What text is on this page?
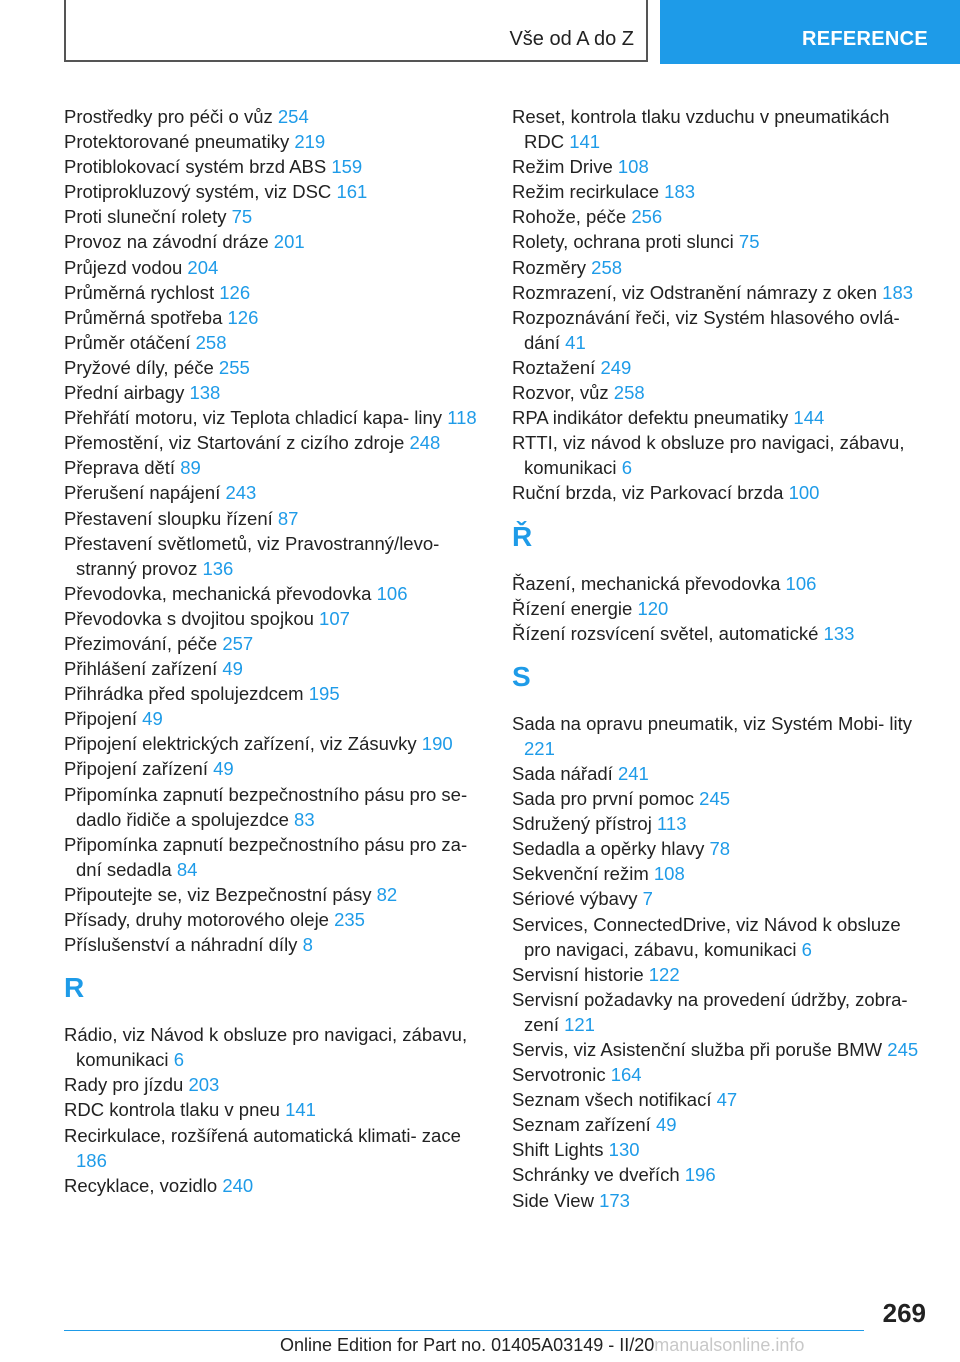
Vše od A do Z	REFERENCE
Prostředky pro péči o vůz 254
Protektorované pneumatiky 219
Protiblokovací systém brzd ABS 159
Protiprokluzový systém, viz DSC 161
Proti sluneční rolety 75
Provoz na závodní dráze 201
Průjezd vodou 204
Průměrná rychlost 126
Průměrná spotřeba 126
Průměr otáčení 258
Pryžové díly, péče 255
Přední airbagy 138
Přehřátí motoru, viz Teplota chladicí kapa‐ liny 118
Přemostění, viz Startování z cizího zdroje 248
Přeprava dětí 89
Přerušení napájení 243
Přestavení sloupku řízení 87
Přestavení světlometů, viz Pravostranný/levo‐ stranný provoz 136
Převodovka, mechanická převodovka 106
Převodovka s dvojitou spojkou 107
Přezimování, péče 257
Přihlášení zařízení 49
Přihrádka před spolujezdcem 195
Připojení 49
Připojení elektrických zařízení, viz Zásuvky 190
Připojení zařízení 49
Připomínka zapnutí bezpečnostního pásu pro se‐ dadlo řidiče a spolujezdce 83
Připomínka zapnutí bezpečnostního pásu pro za‐ dní sedadla 84
Připoutejte se, viz Bezpečnostní pásy 82
Přísady, druhy motorového oleje 235
Příslušenství a náhradní díly 8
R
Rádio, viz Návod k obsluze pro navigaci, zábavu, komunikaci 6
Rady pro jízdu 203
RDC kontrola tlaku v pneu 141
Recirkulace, rozšířená automatická klimati‐ zace 186
Recyklace, vozidlo 240
Reset, kontrola tlaku vzduchu v pneumatikách RDC 141
Režim Drive 108
Režim recirkulace 183
Rohože, péče 256
Rolety, ochrana proti slunci 75
Rozměry 258
Rozmrazení, viz Odstranění námrazy z oken 183
Rozpoznávání řeči, viz Systém hlasového ovlá‐ dání 41
Roztažení 249
Rozvor, vůz 258
RPA indikátor defektu pneumatiky 144
RTTI, viz návod k obsluze pro navigaci, zábavu, komunikaci 6
Ruční brzda, viz Parkovací brzda 100
Ř
Řazení, mechanická převodovka 106
Řízení energie 120
Řízení rozsvícení světel, automatické 133
S
Sada na opravu pneumatik, viz Systém Mobi‐ lity 221
Sada nářadí 241
Sada pro první pomoc 245
Sdružený přístroj 113
Sedadla a opěrky hlavy 78
Sekvenční režim 108
Sériové výbavy 7
Services, ConnectedDrive, viz Návod k obsluze pro navigaci, zábavu, komunikaci 6
Servisní historie 122
Servisní požadavky na provedení údržby, zobra‐ zení 121
Servis, viz Asistenční služba při poruše BMW 245
Servotronic 164
Seznam všech notifikací 47
Seznam zařízení 49
Shift Lights 130
Schránky ve dveřích 196
Side View 173
269
Online Edition for Part no. 01405A03149 - II/20manualsonline.info
